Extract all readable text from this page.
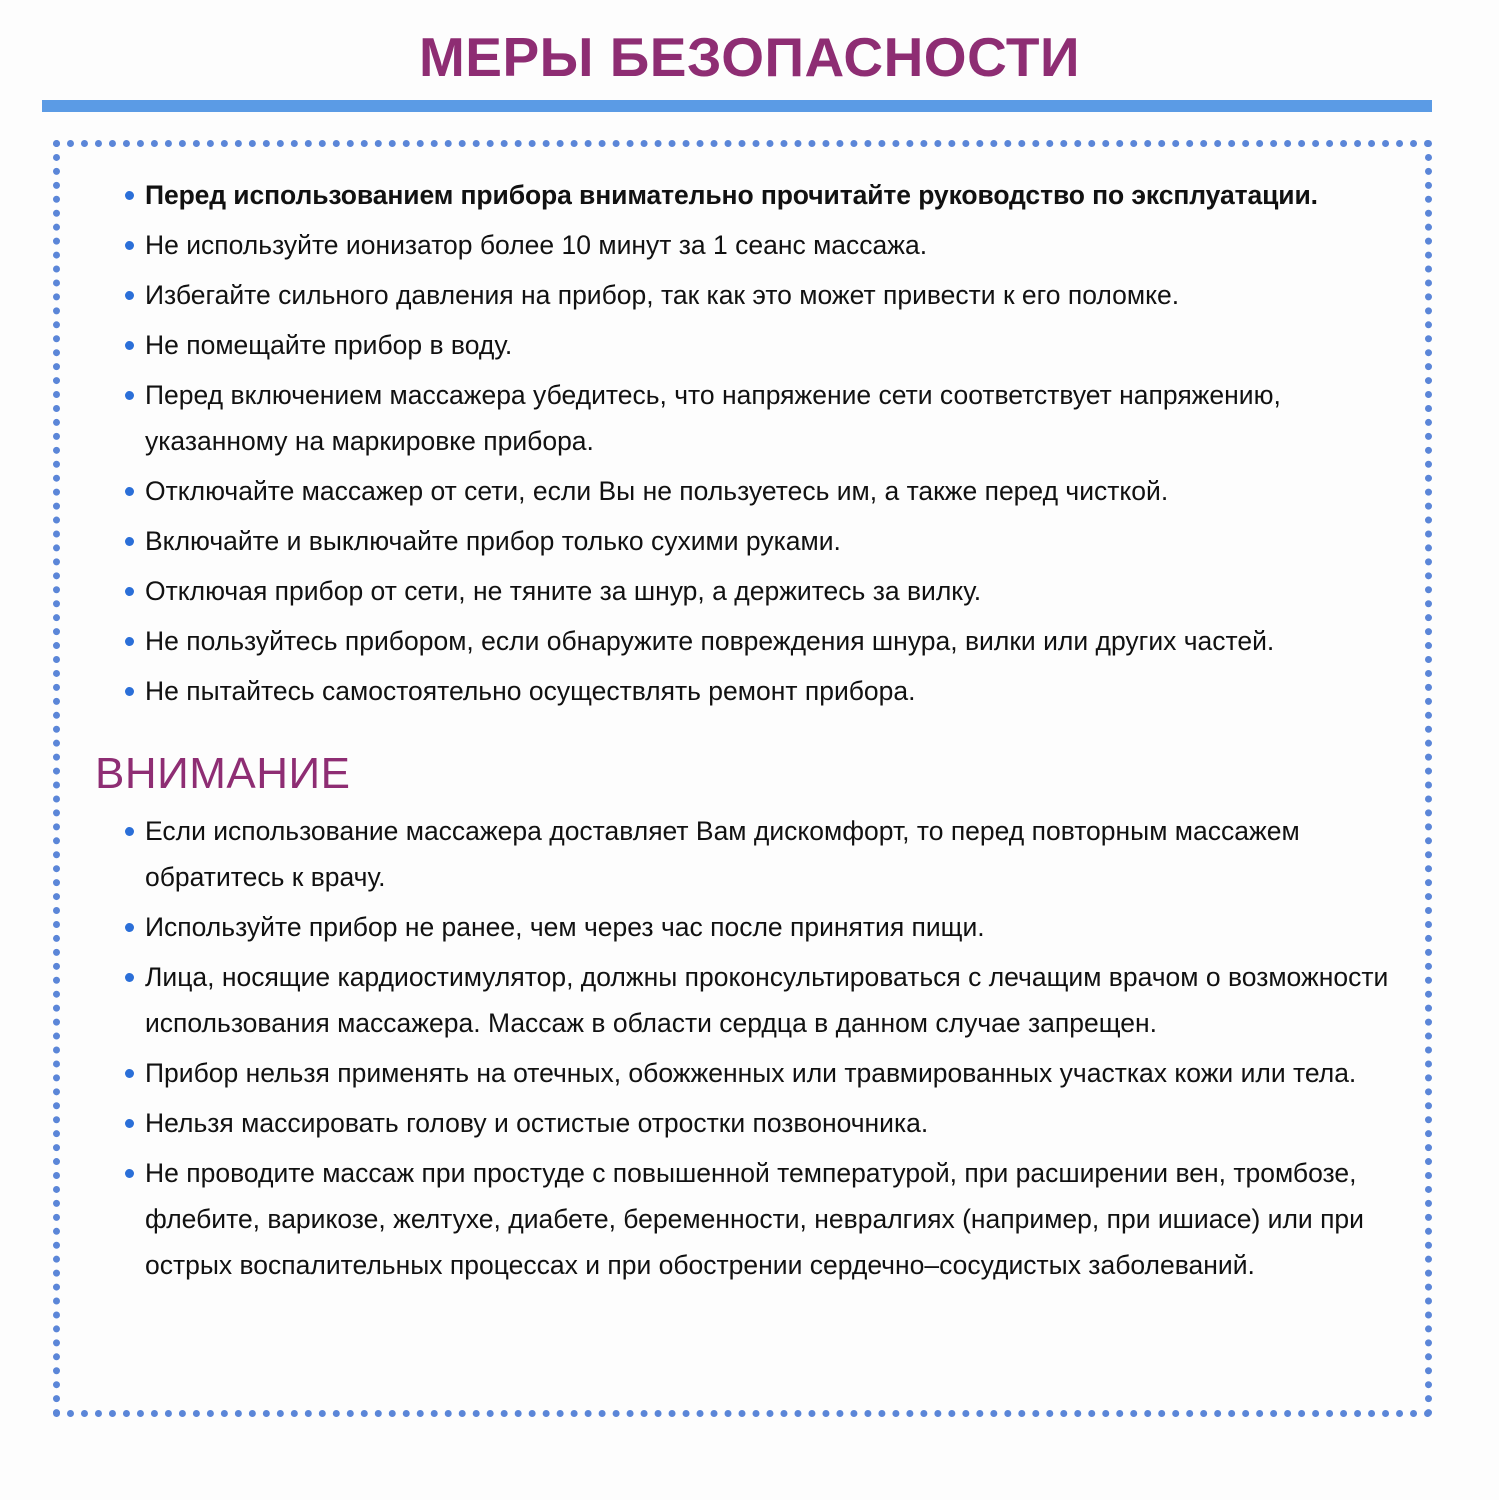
МЕРЫ БЕЗОПАСНОСТИ
Перед использованием прибора внимательно прочитайте руководство по эксплуатации.
Не используйте ионизатор более 10 минут за 1 сеанс массажа.
Избегайте сильного давления на прибор, так как это может привести к его поломке.
Не помещайте прибор в воду.
Перед включением массажера убедитесь, что напряжение сети соответствует напряжению, указанному на маркировке прибора.
Отключайте массажер от сети, если Вы не пользуетесь им, а также перед чисткой.
Включайте и выключайте прибор только сухими руками.
Отключая прибор от сети, не тяните за шнур, а держитесь за вилку.
Не пользуйтесь прибором, если обнаружите повреждения шнура, вилки или других частей.
Не пытайтесь самостоятельно осуществлять ремонт прибора.
ВНИМАНИЕ
Если использование массажера доставляет Вам дискомфорт, то перед повторным массажем обратитесь к врачу.
Используйте прибор не ранее, чем через час после принятия пищи.
Лица, носящие кардиостимулятор, должны проконсультироваться с лечащим врачом о возможности использования массажера. Массаж в области сердца в данном случае запрещен.
Прибор нельзя применять на отечных, обожженных или травмированных участках кожи или тела.
Нельзя массировать голову и остистые отростки позвоночника.
Не проводите массаж при простуде с повышенной температурой, при расширении вен, тромбозе, флебите, варикозе, желтухе, диабете, беременности, невралгиях (например, при ишиасе) или при острых воспалительных процессах и при обострении сердечно–сосудистых заболеваний.
